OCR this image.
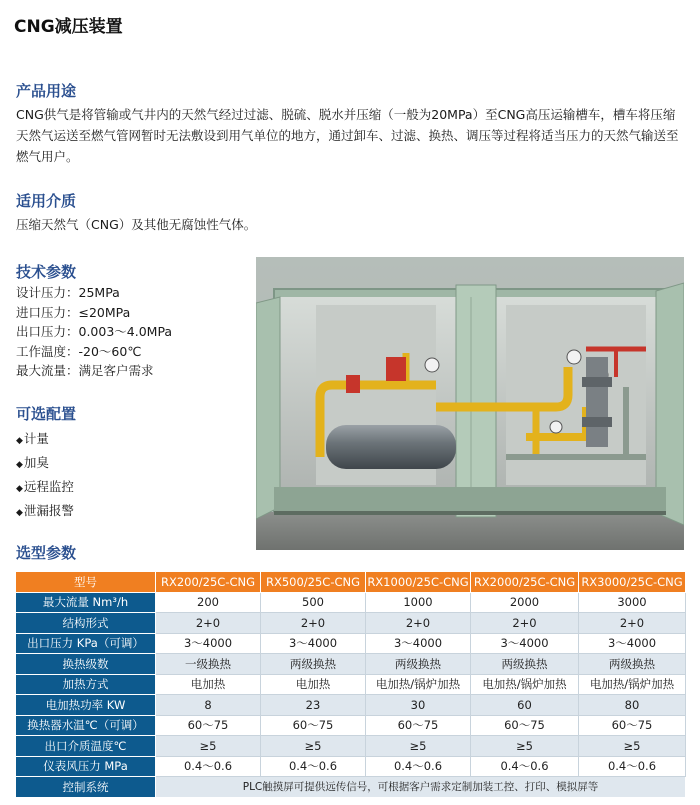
CNG减压装置
产品用途
CNG供气是将管输或气井内的天然气经过过滤、脱硫、脱水并压缩（一般为20MPa）至CNG高压运输槽车，槽车将压缩天然气运送至燃气管网暂时无法敷设到用气单位的地方，通过卸车、过滤、换热、调压等过程将适当压力的天然气输送至燃气用户。
适用介质
压缩天然气（CNG）及其他无腐蚀性气体。
技术参数
设计压力：25MPa
进口压力：≤20MPa
出口压力：0.003～4.0MPa
工作温度：-20～60℃
最大流量：满足客户需求
可选配置
◆计量
◆加臭
◆远程监控
◆泄漏报警
选型参数
型号	RX200/25C-CNG	RX500/25C-CNG	RX1000/25C-CNG	RX2000/25C-CNG	RX3000/25C-CNG
最大流量 Nm³/h	200	500	1000	2000	3000
结构形式	2+0	2+0	2+0	2+0	2+0
出口压力 KPa（可调）	3～4000	3～4000	3～4000	3～4000	3～4000
换热级数	一级换热	两级换热	两级换热	两级换热	两级换热
加热方式	电加热	电加热	电加热/锅炉加热	电加热/锅炉加热	电加热/锅炉加热
电加热功率 KW	8	23	30	60	80
换热器水温℃（可调）	60～75	60～75	60～75	60～75	60～75
出口介质温度℃	≥5	≥5	≥5	≥5	≥5
仪表风压力 MPa	0.4～0.6	0.4～0.6	0.4～0.6	0.4～0.6	0.4～0.6
控制系统	PLC触摸屏可提供远传信号，可根据客户需求定制加装工控、打印、模拟屏等				
